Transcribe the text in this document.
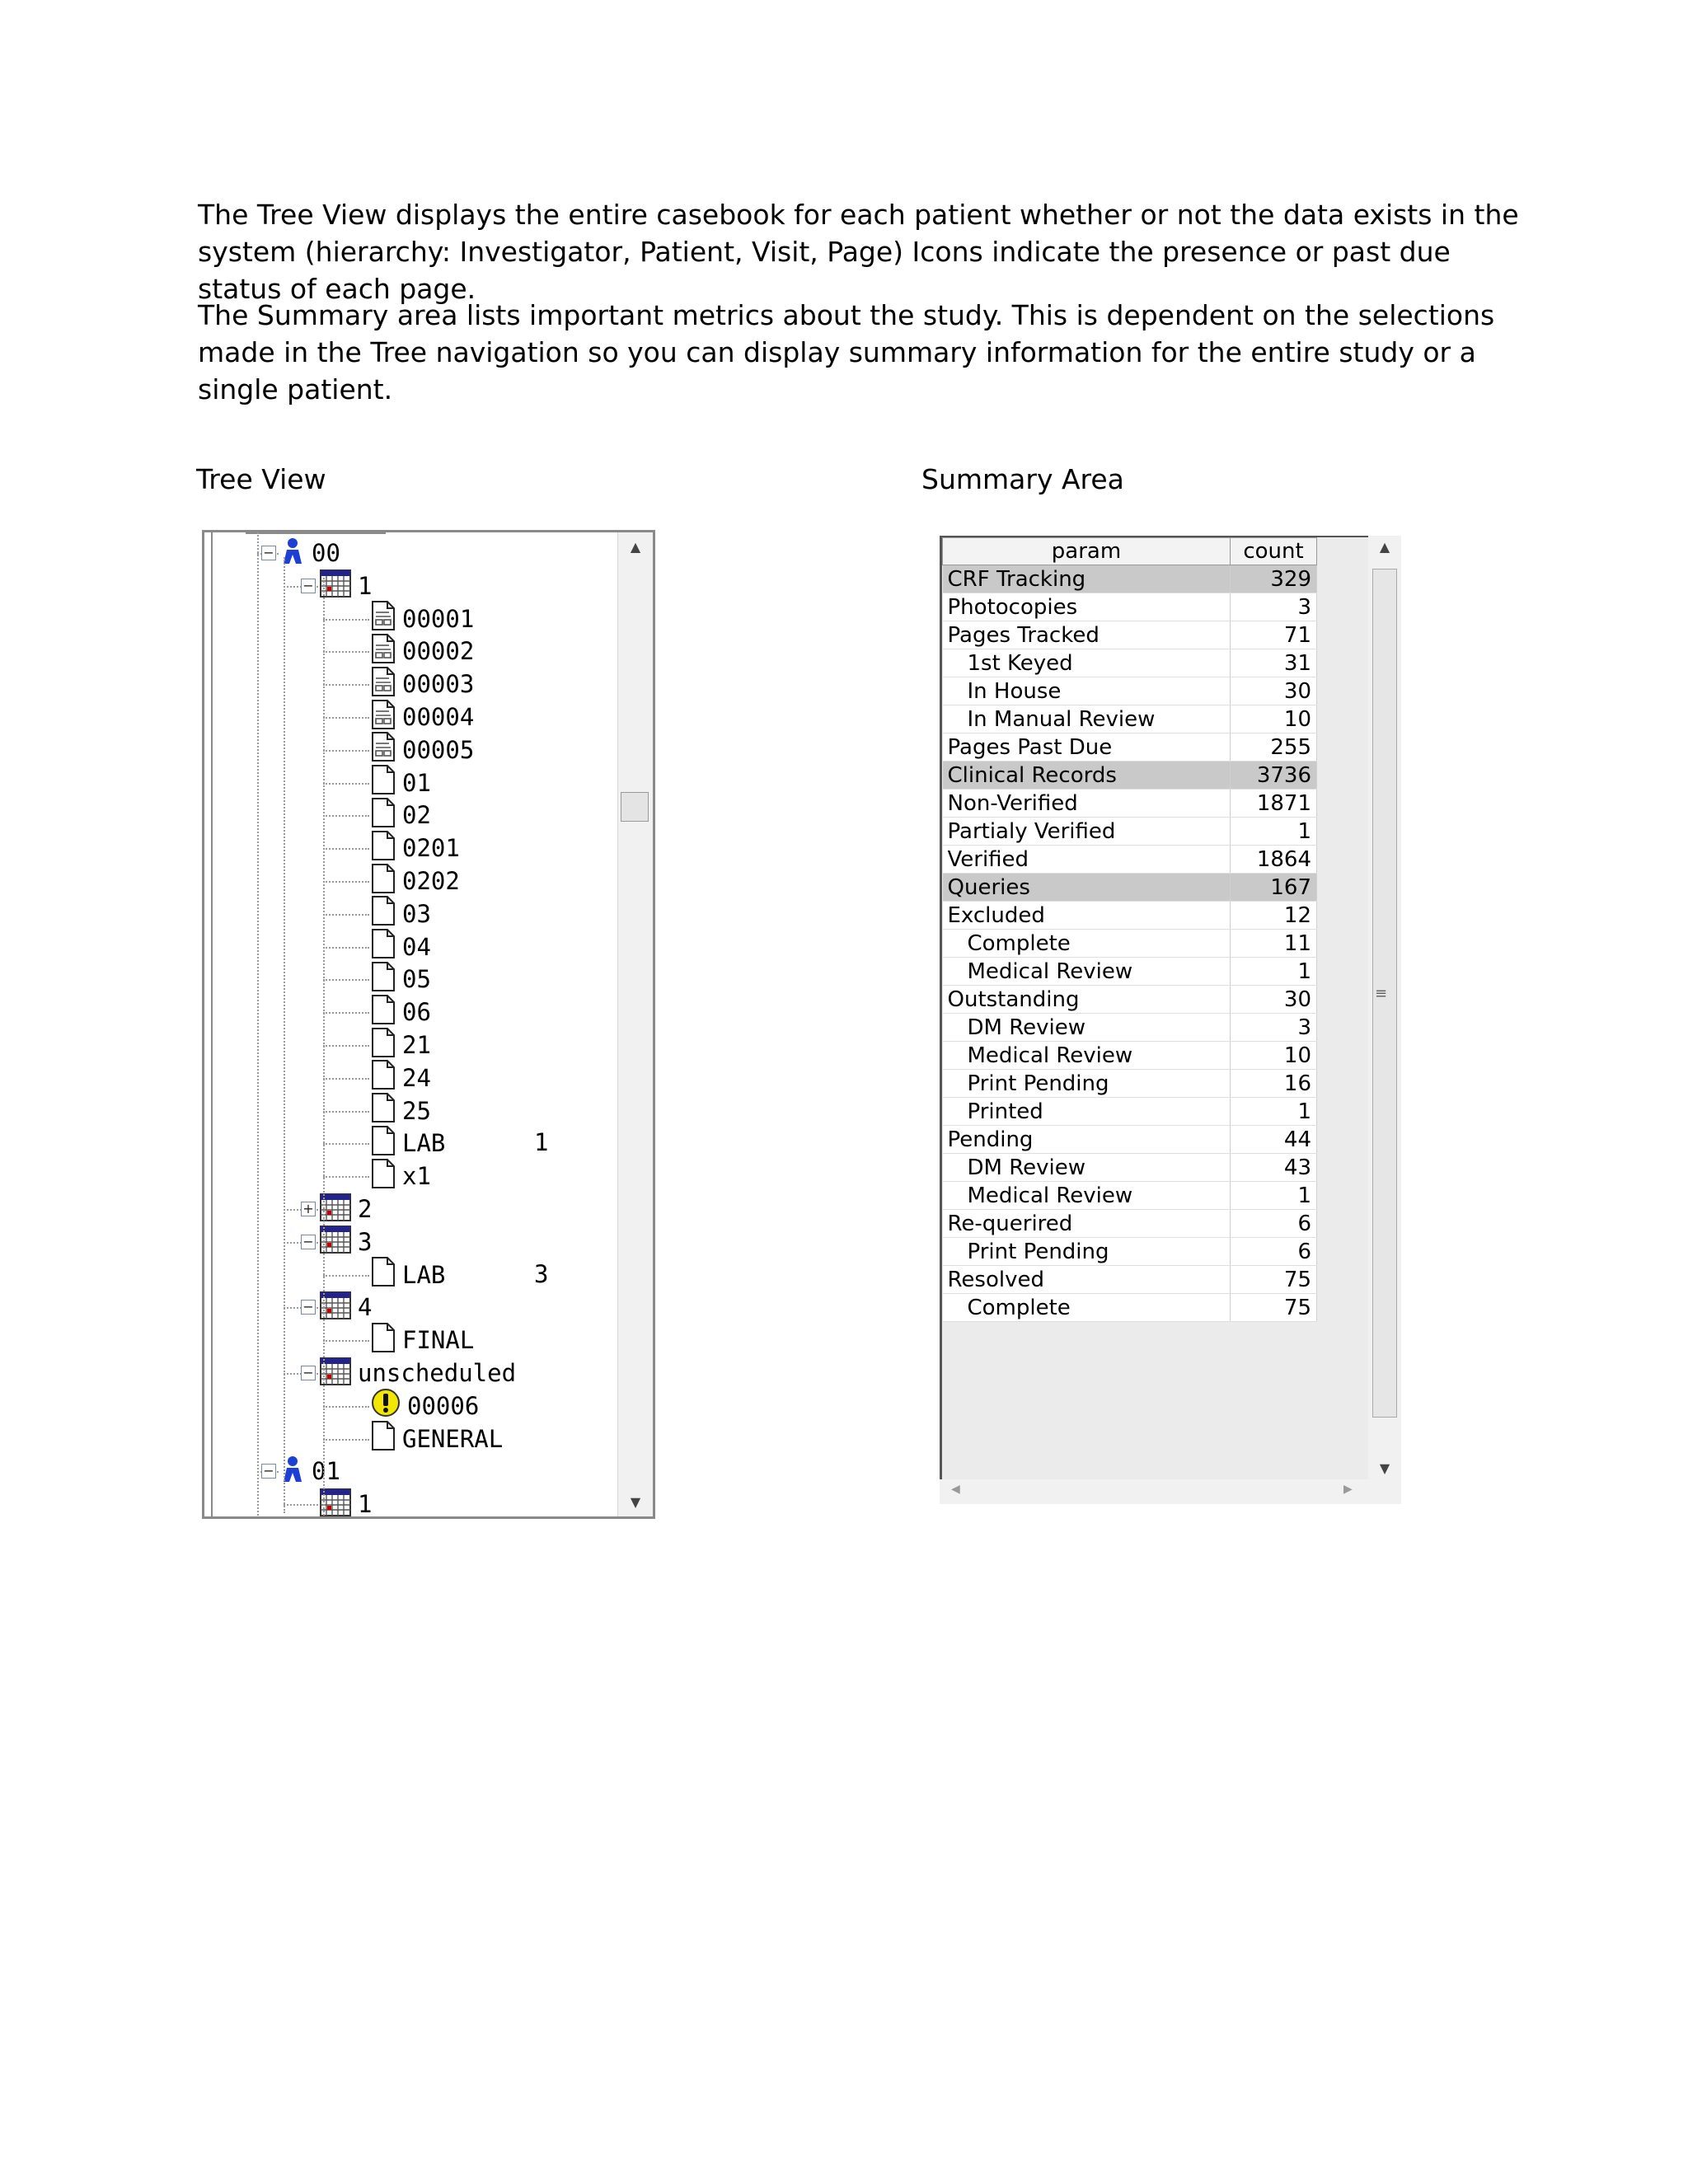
The Tree View displays the entire casebook for each patient whether or not the data exists in the system (hierarchy: Investigator, Patient, Visit, Page) Icons indicate the presence or past due status of each page.

The Summary area lists important metrics about the study. This is dependent on the selections made in the Tree navigation so you can display summary information for the entire study or a single patient.

Tree View	Summary Area
00
−
1
−
00001
00002
00003
00004
00005
01
02
0201
0202
03
04
05
06
21
24
25
LAB	1
x1
2
+
3
−
LAB	3
4
−
FINAL
unscheduled
−
00006
GENERAL
01
−
1
▲
▼
param	count
CRF Tracking	329
Photocopies	3
Pages Tracked	71
1st Keyed	31
In House	30
In Manual Review	10
Pages Past Due	255
Clinical Records	3736
Non-Verified	1871
Partialy Verified	1
Verified	1864
Queries	167
Excluded	12
Complete	11
Medical Review	1
Outstanding	30
DM Review	3
Medical Review	10
Print Pending	16
Printed	1
Pending	44
DM Review	43
Medical Review	1
Re-querired	6
Print Pending	6
Resolved	75
Complete	75
▲
≡
▼
◀	▶
